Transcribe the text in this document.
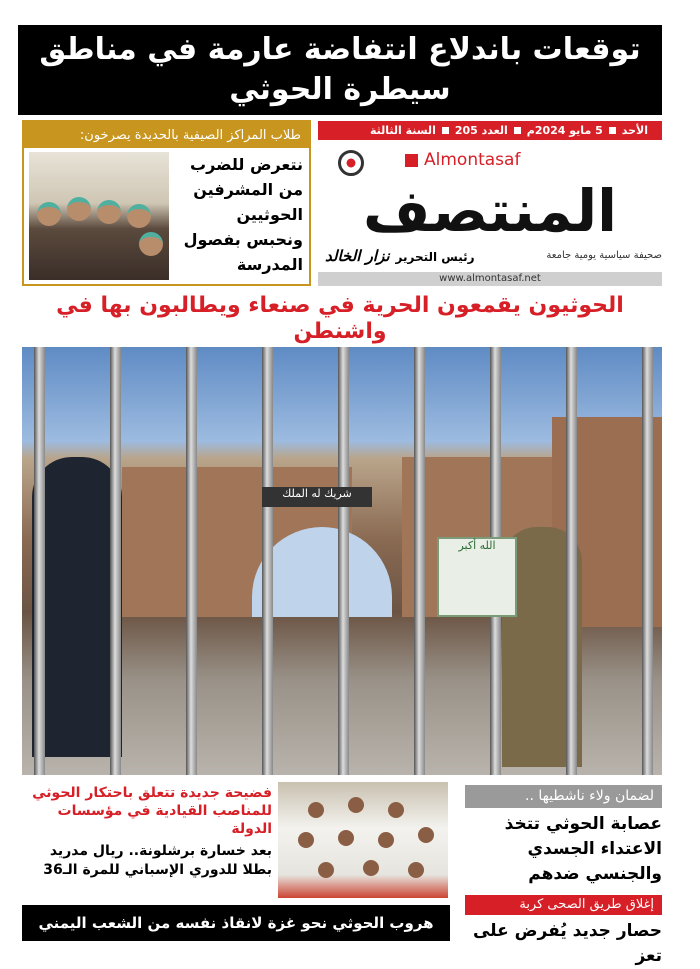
توقعات باندلاع انتفاضة عارمة في مناطق سيطرة الحوثي
طلاب المراكز الصيفية بالحديدة يصرخون:
نتعرض للضرب من المشرفين الحوثيين ونحبس بفصول المدرسة
الأحد
5 مايو 2024م
العدد 205
السنة الثالثة
المنتصف
Almontasaf
صحيفة سياسية يومية جامعة
رئيس التحرير
نزار الخالد
www.almontasaf.net
الحوثيون يقمعون الحرية في صنعاء ويطالبون بها في واشنطن
شريك له الملك
الله أكبر
لضمان ولاء ناشطيها ..
عصابة الحوثي تتخذ الاعتداء الجسدي والجنسي ضدهم
إغلاق طريق الصحى كربة
حصار جديد يُفرض على تعز
فضيحة جديدة تتعلق باحتكار الحوثي للمناصب القيادية في مؤسسات الدولة
بعد خسارة برشلونة.. ريال مدريد بطلا للدوري الإسباني للمرة الـ36
هروب الحوثي نحو غزة لانقاذ نفسه من الشعب اليمني
